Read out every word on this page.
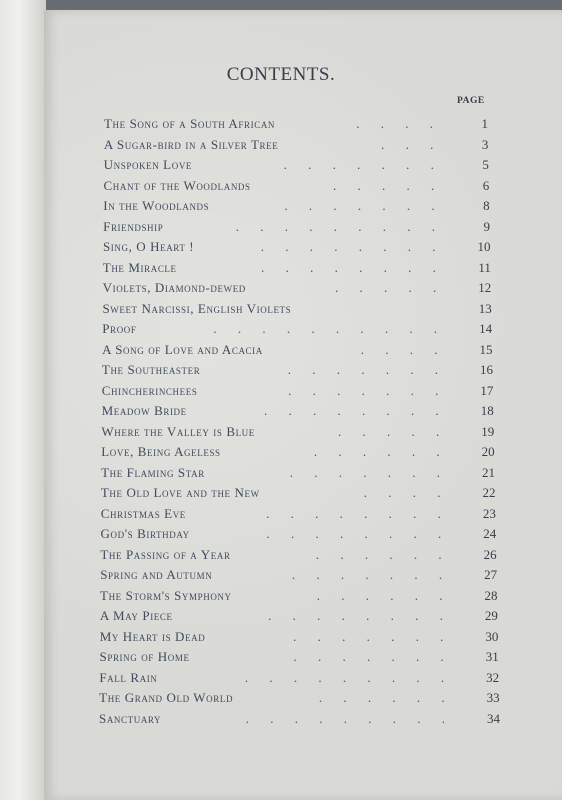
CONTENTS.
PAGE
The Song of a South African	. . . .	1
A Sugar-bird in a Silver Tree	. . .	3
Unspoken Love	. . . . . . .	5
Chant of the Woodlands	. . . . .	6
In the Woodlands	. . . . . . .	8
Friendship	. . . . . . . . .	9
Sing, O Heart !	. . . . . . . .	10
The Miracle	. . . . . . . .	11
Violets, Diamond-dewed	. . . . .	12
Sweet Narcissi, English Violets	13
Proof	. . . . . . . . . .	14
A Song of Love and Acacia	. . . .	15
The Southeaster	. . . . . . .	16
Chincherinchees	. . . . . . .	17
Meadow Bride	. . . . . . . .	18
Where the Valley is Blue	. . . . .	19
Love, Being Ageless	. . . . . .	20
The Flaming Star	. . . . . . .	21
The Old Love and the New	. . . .	22
Christmas Eve	. . . . . . . .	23
God's Birthday	. . . . . . . .	24
The Passing of a Year	. . . . . .	26
Spring and Autumn	. . . . . . .	27
The Storm's Symphony	. . . . . .	28
A May Piece	. . . . . . . .	29
My Heart is Dead	. . . . . . .	30
Spring of Home	. . . . . . .	31
Fall Rain	. . . . . . . . .	32
The Grand Old World	. . . . . .	33
Sanctuary	. . . . . . . . .	34
